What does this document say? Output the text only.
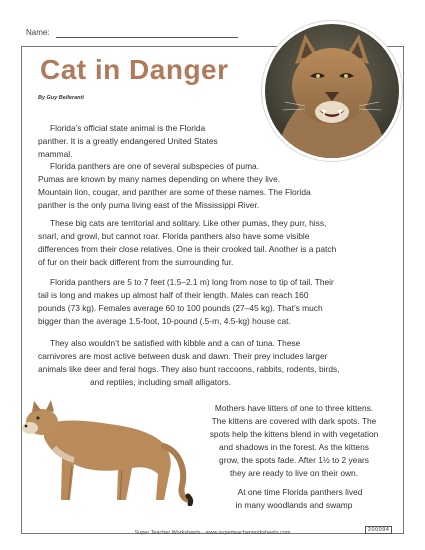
Name:
Cat in Danger
By Guy Belleranti

Florida’s official state animal is the Florida
panther. It is a greatly endangered United States
mammal.

Florida panthers are one of several subspecies of puma.
Pumas are known by many names depending on where they live.
Mountain lion, cougar, and panther are some of these names. The Florida
panther is the only puma living east of the Mississippi River.

These big cats are territorial and solitary. Like other pumas, they purr, hiss,
snarl, and growl, but cannot roar. Florida panthers also have some visible
differences from their close relatives. One is their crooked tail. Another is a patch
of fur on their back different from the surrounding fur.

Florida panthers are 5 to 7 feet (1.5–2.1 m) long from nose to tip of tail. Their
tail is long and makes up almost half of their length. Males can reach 160
pounds (73 kg). Females average 60 to 100 pounds (27–45 kg). That’s much
bigger than the average 1.5-foot, 10-pound (.5-m, 4.5-kg) house cat.

They also wouldn’t be satisfied with kibble and a can of tuna. These
carnivores are most active between dusk and dawn. Their prey includes larger
animals like deer and feral hogs. They also hunt raccoons, rabbits, rodents, birds,
and reptiles, including small alligators.

Mothers have litters of one to three kittens.
The kittens are covered with dark spots. The
spots help the kittens blend in with vegetation
and shadows in the forest. As the kittens
grow, the spots fade. After 1½ to 2 years
they are ready to live on their own.

At one time Florida panthers lived
in many woodlands and swamp

Super Teacher Worksheets - www.superteacherworksheets.com	200094
